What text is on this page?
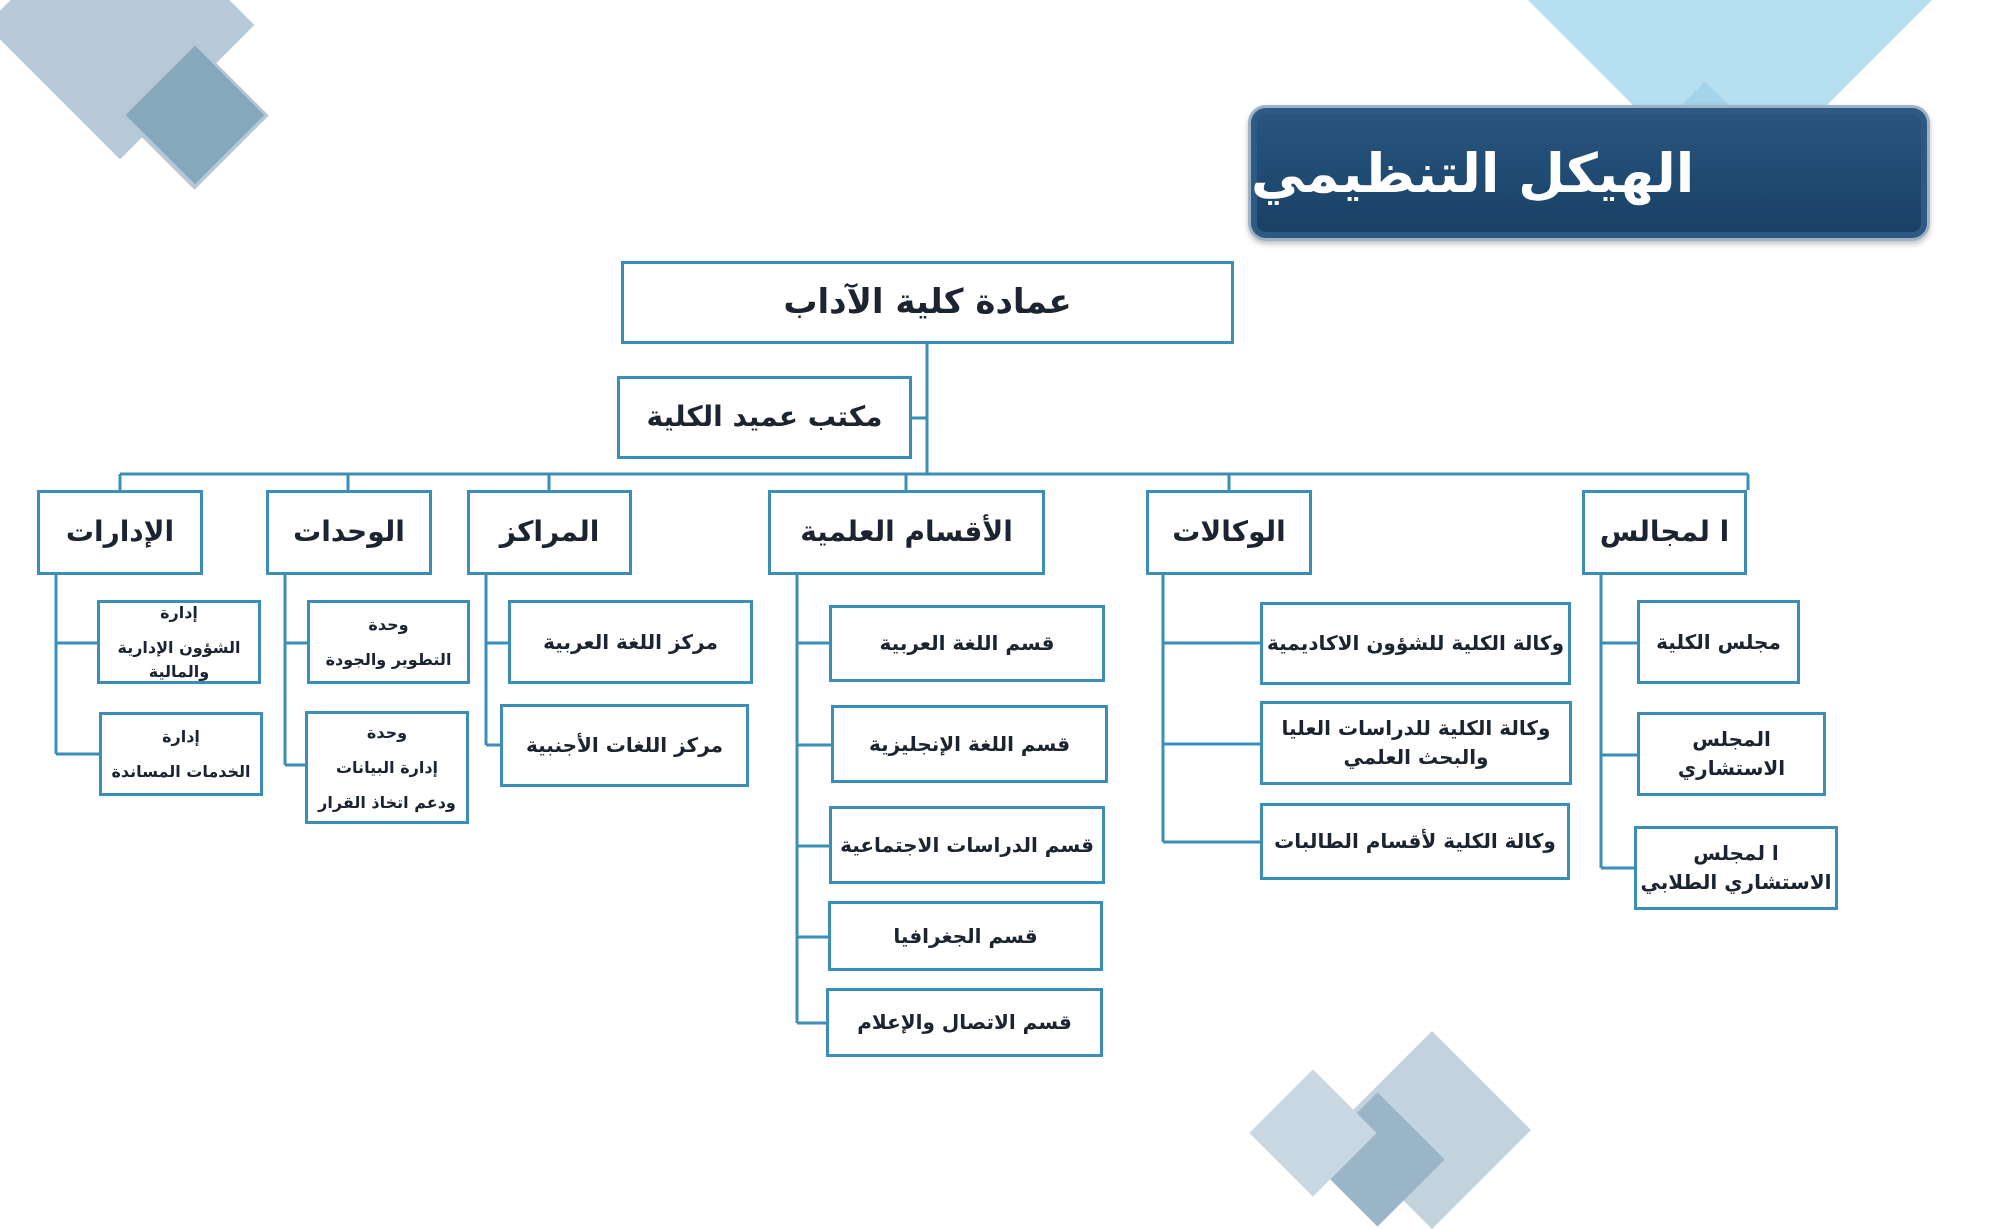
الهيكل التنظيمي
عمادة كلية الآداب
مكتب عميد الكلية
ا لمجالس
الوكالات
الأقسام العلمية
المراكز
الوحدات
الإدارات
مجلس الكلية
المجلس الاستشاري
ا لمجلس الاستشاري الطلابي
وكالة الكلية للشؤون الاكاديمية
وكالة الكلية للدراسات العليا
والبحث العلمي
وكالة الكلية لأقسام الطالبات
قسم اللغة العربية
قسم اللغة الإنجليزية
قسم الدراسات الاجتماعية
قسم الجغرافيا
قسم الاتصال والإعلام
مركز اللغة العربية
مركز اللغات الأجنبية
وحدة
التطوير والجودة
وحدة
إدارة البيانات
ودعم اتخاذ القرار
إدارة
الشؤون الإدارية والمالية
إدارة
الخدمات المساندة
